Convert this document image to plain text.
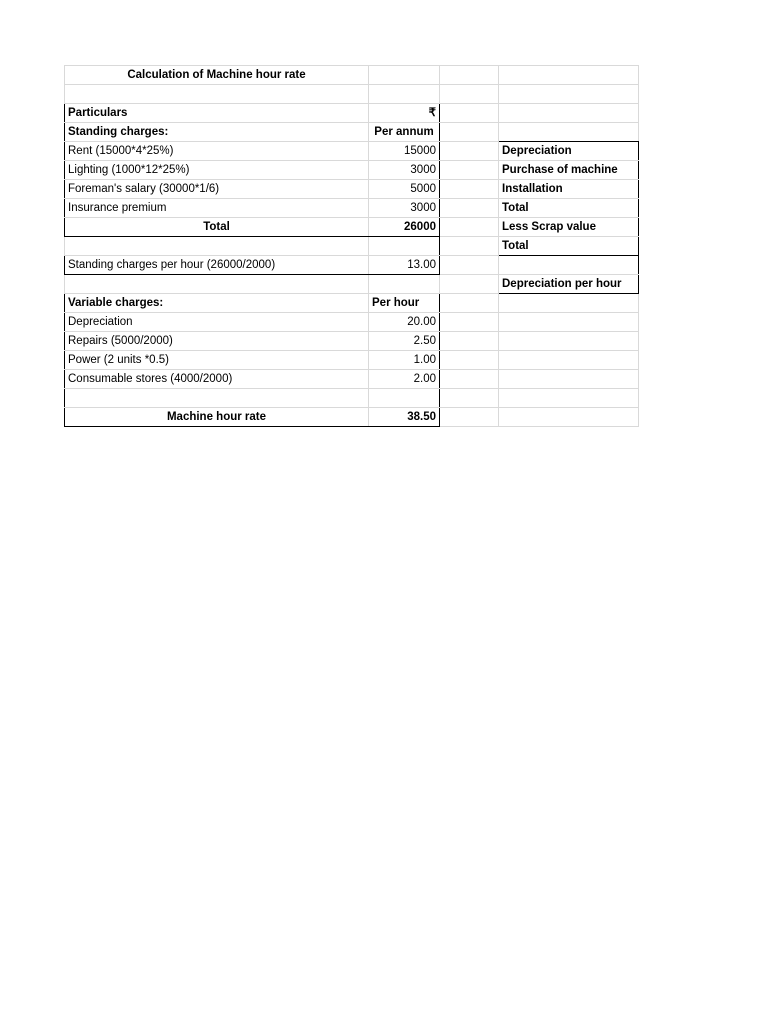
Calculation of Machine hour rate			

Particulars	₹		
Standing charges:	Per annum		
Rent (15000*4*25%)	15000		Depreciation
Lighting (1000*12*25%)	3000		Purchase of machine
Foreman's salary (30000*1/6)	5000		Installation
Insurance premium	3000		Total
Total	26000		Less Scrap value
			Total
Standing charges per hour (26000/2000)	13.00		
			Depreciation per hour
Variable charges:	Per hour		
Depreciation	20.00		
Repairs (5000/2000)	2.50		
Power (2 units *0.5)	1.00		
Consumable stores (4000/2000)	2.00		

Machine hour rate	38.50		
